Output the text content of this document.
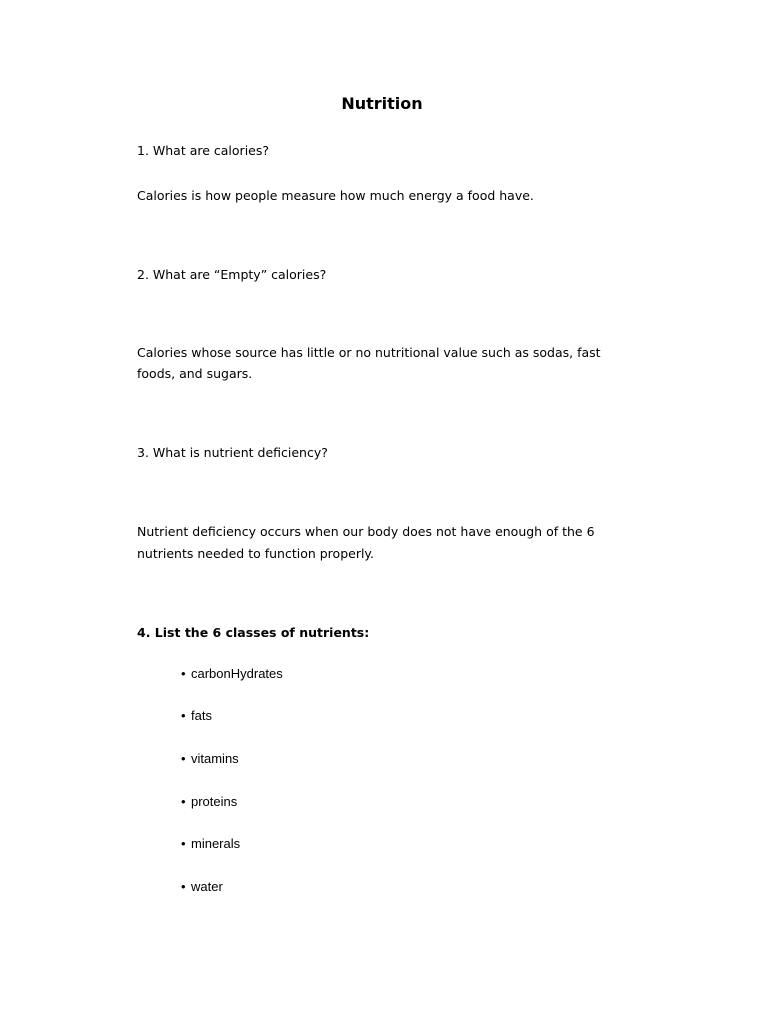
Nutrition
1. What are calories?
Calories is how people measure how much energy a food have.
2. What are “Empty” calories?
Calories whose source has little or no nutritional value such as sodas, fast
foods, and sugars.
3. What is nutrient deficiency?
Nutrient deficiency occurs when our body does not have enough of the 6
nutrients needed to function properly.
4. List the 6 classes of nutrients:
• carbonHydrates
• fats
• vitamins
• proteins
• minerals
• water
